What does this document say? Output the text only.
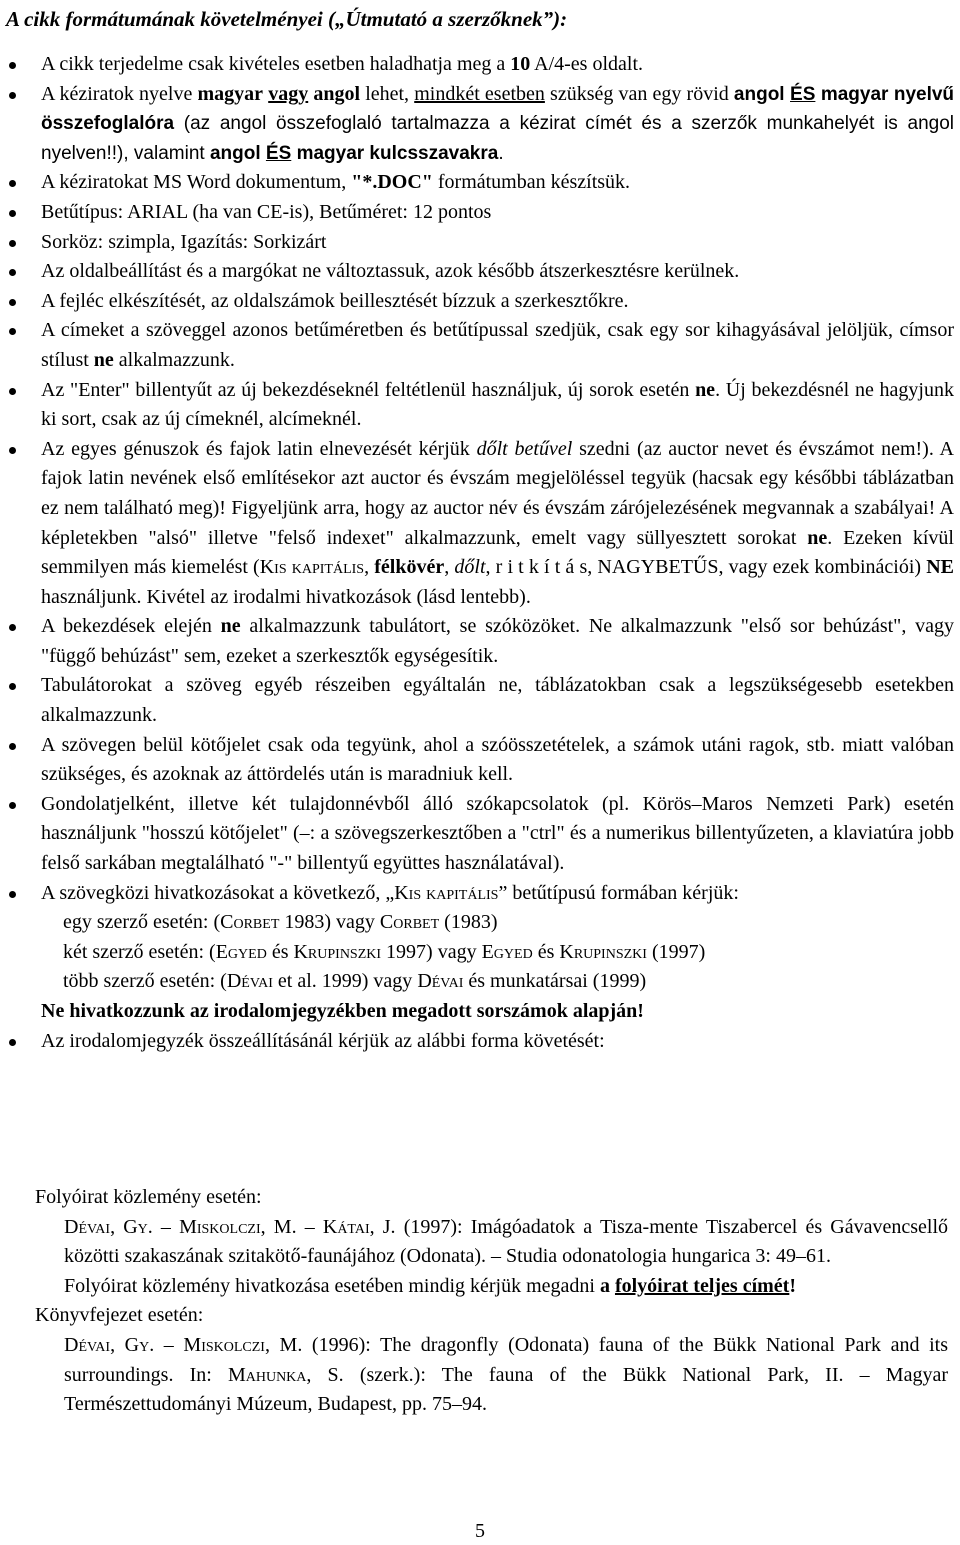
A cikk formátumának követelményei („Útmutató a szerzőknek”):
A cikk terjedelme csak kivételes esetben haladhatja meg a 10 A/4-es oldalt.
A kéziratok nyelve magyar vagy angol lehet, mindkét esetben szükség van egy rövid angol ÉS magyar nyelvű összefoglalóra (az angol összefoglaló tartalmazza a kézirat címét és a szerzők munkahelyét is angol nyelven!!), valamint angol ÉS magyar kulcsszavakra.
A kéziratokat MS Word dokumentum, "*.DOC" formátumban készítsük.
Betűtípus: ARIAL (ha van CE-is), Betűméret: 12 pontos
Sorköz: szimpla, Igazítás: Sorkizárt
Az oldalbeállítást és a margókat ne változtassuk, azok később átszerkesztésre kerülnek.
A fejléc elkészítését, az oldalszámok beillesztését bízzuk a szerkesztőkre.
A címeket a szöveggel azonos betűméretben és betűtípussal szedjük, csak egy sor kihagyásával jelöljük, címsor stílust ne alkalmazzunk.
Az "Enter" billentyűt az új bekezdéseknél feltétlenül használjuk, új sorok esetén ne. Új bekezdésnél ne hagyjunk ki sort, csak az új címeknél, alcímeknél.
Az egyes génuszok és fajok latin elnevezését kérjük dőlt betűvel szedni (az auctor nevet és évszámot nem!). A fajok latin nevének első említésekor azt auctor és évszám megjelöléssel tegyük (hacsak egy későbbi táblázatban ez nem található meg)! Figyeljünk arra, hogy az auctor név és évszám zárójelezésének megvannak a szabályai! A képletekben "alsó" illetve "felső indexet" alkalmazzunk, emelt vagy süllyesztett sorokat ne. Ezeken kívül semmilyen más kiemelést (Kis kapitális, félkövér, dőlt, r i t k í t á s, NAGYBETŰS, vagy ezek kombinációi) NE használjunk. Kivétel az irodalmi hivatkozások (lásd lentebb).
A bekezdések elején ne alkalmazzunk tabulátort, se szóközöket. Ne alkalmazzunk "első sor behúzást", vagy "függő behúzást" sem, ezeket a szerkesztők egységesítik.
Tabulátorokat a szöveg egyéb részeiben egyáltalán ne, táblázatokban csak a legszükségesebb esetekben alkalmazzunk.
A szövegen belül kötőjelet csak oda tegyünk, ahol a szóösszetételek, a számok utáni ragok, stb. miatt valóban szükséges, és azoknak az áttördelés után is maradniuk kell.
Gondolatjelként, illetve két tulajdonnévből álló szókapcsolatok (pl. Körös–Maros Nemzeti Park) esetén használjunk "hosszú kötőjelet" (–: a szövegszerkesztőben a "ctrl" és a numerikus billentyűzeten, a klaviatúra jobb felső sarkában megtalálható "-" billentyű együttes használatával).
A szövegközi hivatkozásokat a következő, „Kis kapitális” betűtípusú formában kérjük:
egy szerző esetén: (Corbet 1983) vagy Corbet (1983)
két szerző esetén: (Egyed és Krupinszki 1997) vagy Egyed és Krupinszki (1997)
több szerző esetén: (Dévai et al. 1999) vagy Dévai és munkatársai (1999)
Ne hivatkozzunk az irodalomjegyzékben megadott sorszámok alapján!
Az irodalomjegyzék összeállításánál kérjük az alábbi forma követését:
Folyóirat közlemény esetén:
Dévai, Gy. – Miskolczi, M. – Kátai, J. (1997): Imágóadatok a Tisza-mente Tiszabercel és Gávavencsellő közötti szakaszának szitakötő-faunájához (Odonata). – Studia odonatologia hungarica 3: 49–61.
Folyóirat közlemény hivatkozása esetében mindig kérjük megadni a folyóirat teljes címét!
Könyvfejezet esetén:
Dévai, Gy. – Miskolczi, M. (1996): The dragonfly (Odonata) fauna of the Bükk National Park and its surroundings. In: Mahunka, S. (szerk.): The fauna of the Bükk National Park, II. – Magyar Természettudományi Múzeum, Budapest, pp. 75–94.
5
